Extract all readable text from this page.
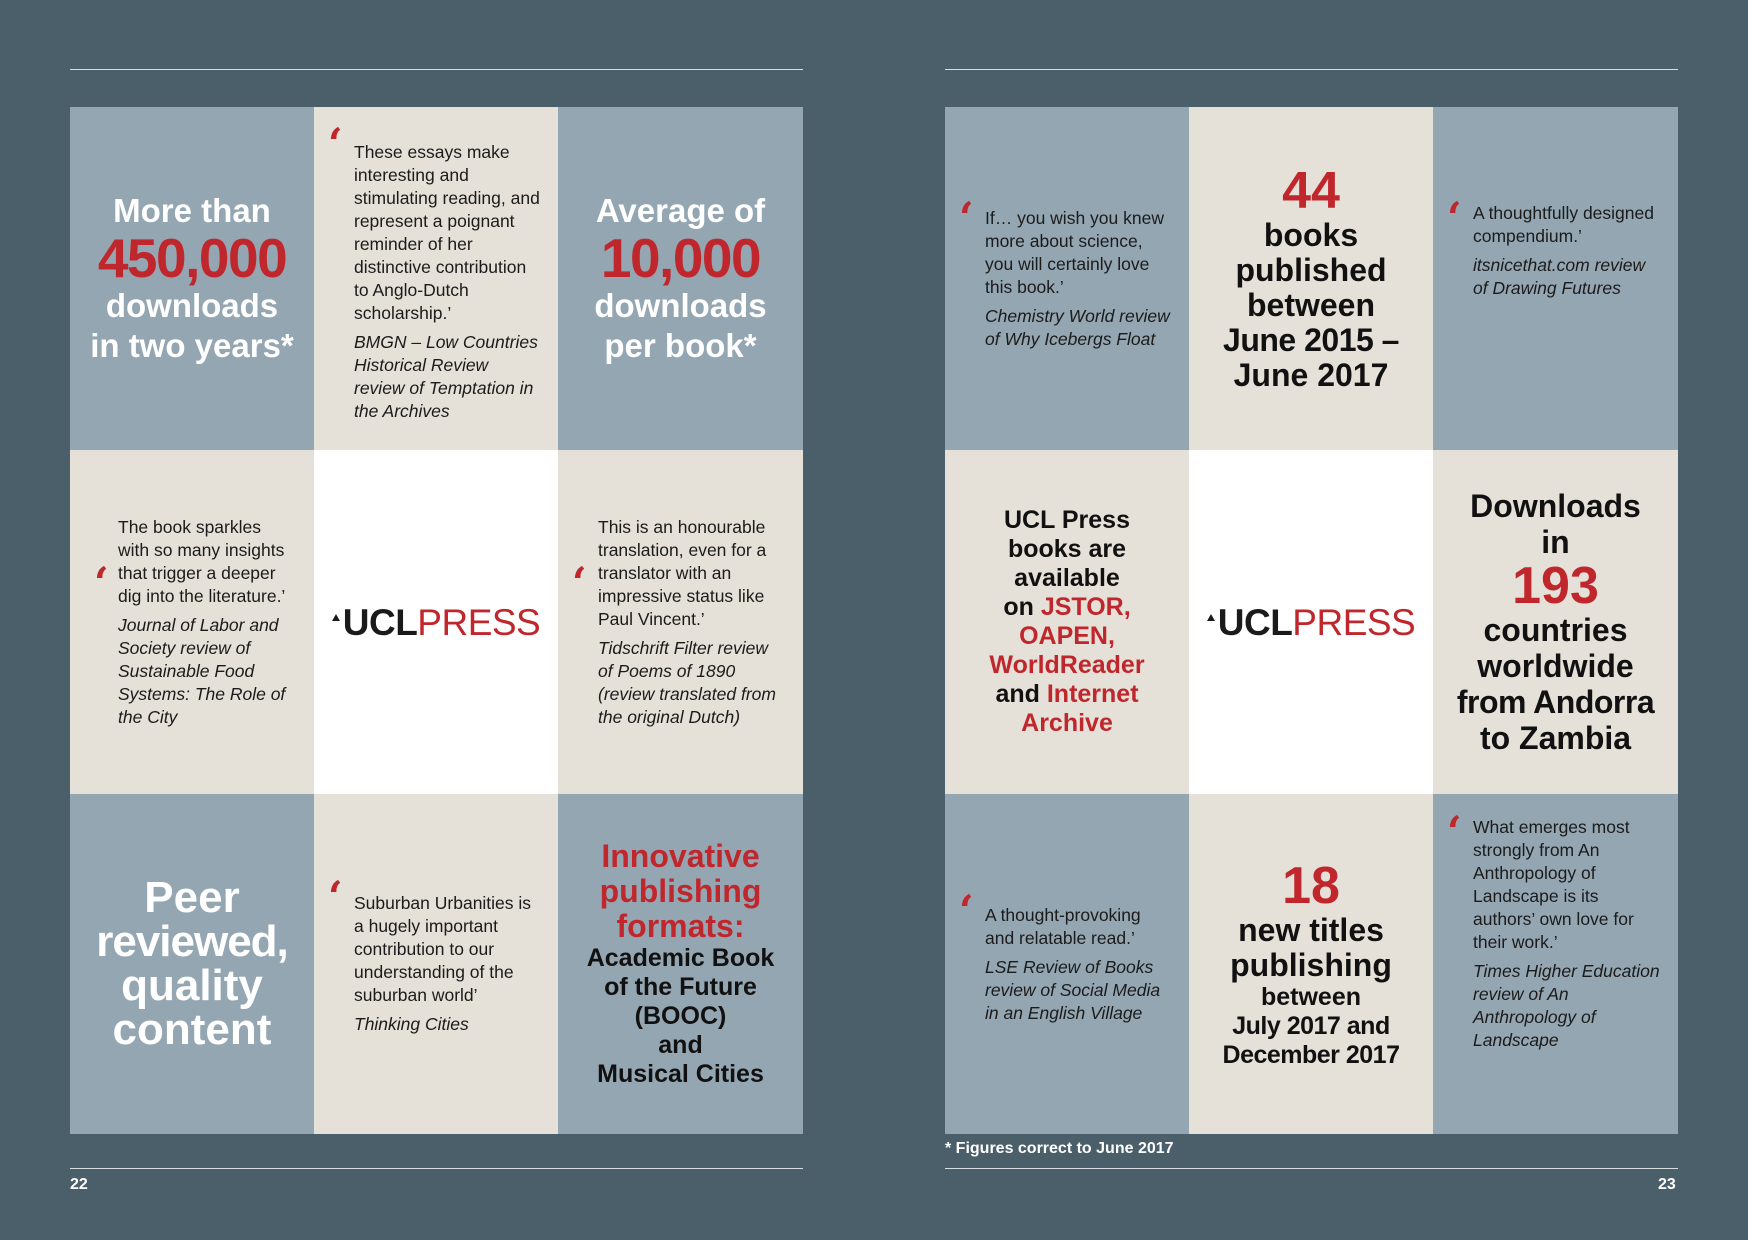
More than
450,000
downloads
in two years*
‘ These essays make interesting and stimulating reading, and represent a poignant reminder of her distinctive contribution to Anglo-Dutch scholarship.’
BMGN – Low Countries Historical Review review of Temptation in the Archives
Average of
10,000
downloads
per book*
‘
The book sparkles with so many insights that trigger a deeper dig into the literature.’
Journal of Labor and Society review of Sustainable Food Systems: The Role of the City
UCL PRESS
‘
This is an honourable translation, even for a translator with an impressive status like Paul Vincent.’
Tidschrift Filter review of Poems of 1890 (review translated from the original Dutch)
Peer
reviewed,
quality
content
‘ Suburban Urbanities is a hugely important contribution to our understanding of the suburban world’
Thinking Cities
Innovative
publishing
formats:
Academic Book
of the Future
(BOOC)
and
Musical Cities
‘ If… you wish you knew more about science, you will certainly love this book.’
Chemistry World review of Why Icebergs Float
44
books
published
between
June 2015 –
June 2017
‘ A thoughtfully designed compendium.’
itsnicethat.com review of Drawing Futures
UCL Press
books are
available
on JSTOR,
OAPEN,
WorldReader
and Internet
Archive
UCL PRESS
Downloads
in
193
countries
worldwide
from Andorra
to Zambia
‘ A thought-provoking and relatable read.’
LSE Review of Books review of Social Media in an English Village
18
new titles
publishing
between
July 2017 and
December 2017
‘ What emerges most strongly from An Anthropology of Landscape is its authors’ own love for their work.’
Times Higher Education review of An Anthropology of Landscape
* Figures correct to June 2017
22	23
